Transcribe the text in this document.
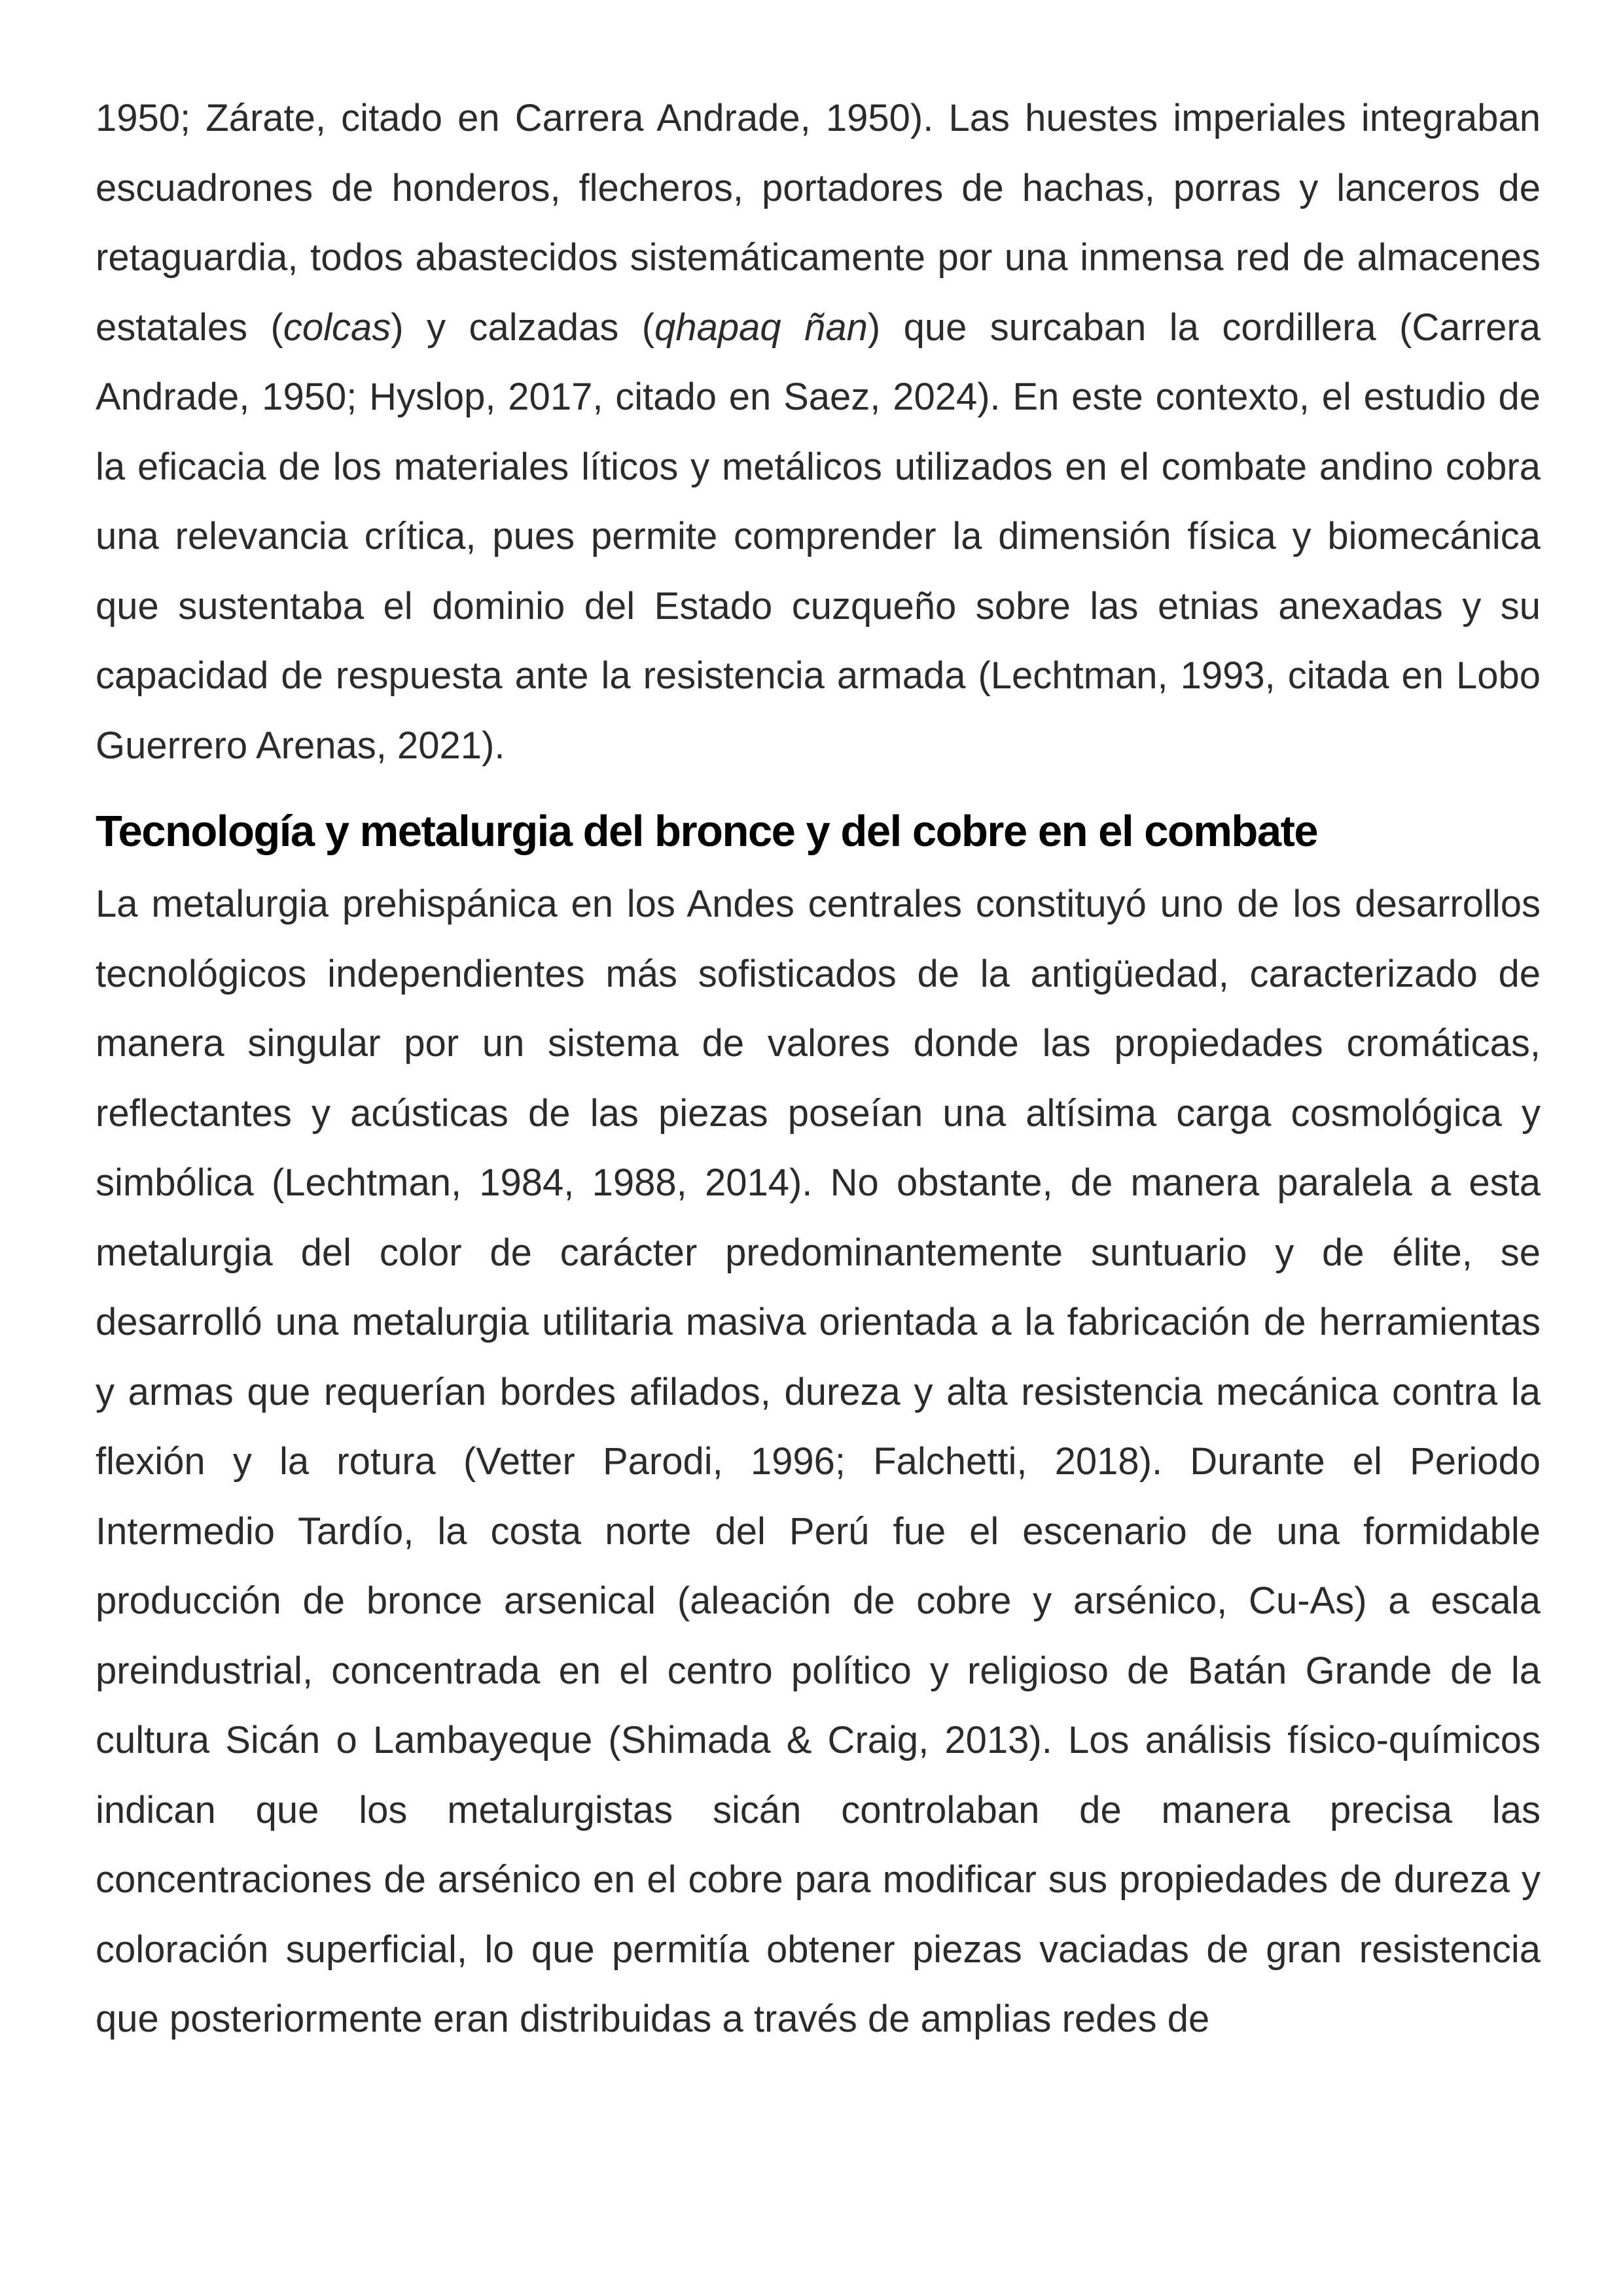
1950; Zárate, citado en Carrera Andrade, 1950). Las huestes imperiales integraban escuadrones de honderos, flecheros, portadores de hachas, porras y lanceros de retaguardia, todos abastecidos sistemáticamente por una inmensa red de almacenes estatales (colcas) y calzadas (qhapaq ñan) que surcaban la cordillera (Carrera Andrade, 1950; Hyslop, 2017, citado en Saez, 2024). En este contexto, el estudio de la eficacia de los materiales líticos y metálicos utilizados en el combate andino cobra una relevancia crítica, pues permite comprender la dimensión física y biomecánica que sustentaba el dominio del Estado cuzqueño sobre las etnias anexadas y su capacidad de respuesta ante la resistencia armada (Lechtman, 1993, citada en Lobo Guerrero Arenas, 2021).

Tecnología y metalurgia del bronce y del cobre en el combate

La metalurgia prehispánica en los Andes centrales constituyó uno de los desarrollos tecnológicos independientes más sofisticados de la antigüedad, caracterizado de manera singular por un sistema de valores donde las propiedades cromáticas, reflectantes y acústicas de las piezas poseían una altísima carga cosmológica y simbólica (Lechtman, 1984, 1988, 2014). No obstante, de manera paralela a esta metalurgia del color de carácter predominantemente suntuario y de élite, se desarrolló una metalurgia utilitaria masiva orientada a la fabricación de herramientas y armas que requerían bordes afilados, dureza y alta resistencia mecánica contra la flexión y la rotura (Vetter Parodi, 1996; Falchetti, 2018). Durante el Periodo Intermedio Tardío, la costa norte del Perú fue el escenario de una formidable producción de bronce arsenical (aleación de cobre y arsénico, Cu-As) a escala preindustrial, concentrada en el centro político y religioso de Batán Grande de la cultura Sicán o Lambayeque (Shimada & Craig, 2013). Los análisis físico-químicos indican que los metalurgistas sicán controlaban de manera precisa las concentraciones de arsénico en el cobre para modificar sus propiedades de dureza y coloración superficial, lo que permitía obtener piezas vaciadas de gran resistencia que posteriormente eran distribuidas a través de amplias redes de
